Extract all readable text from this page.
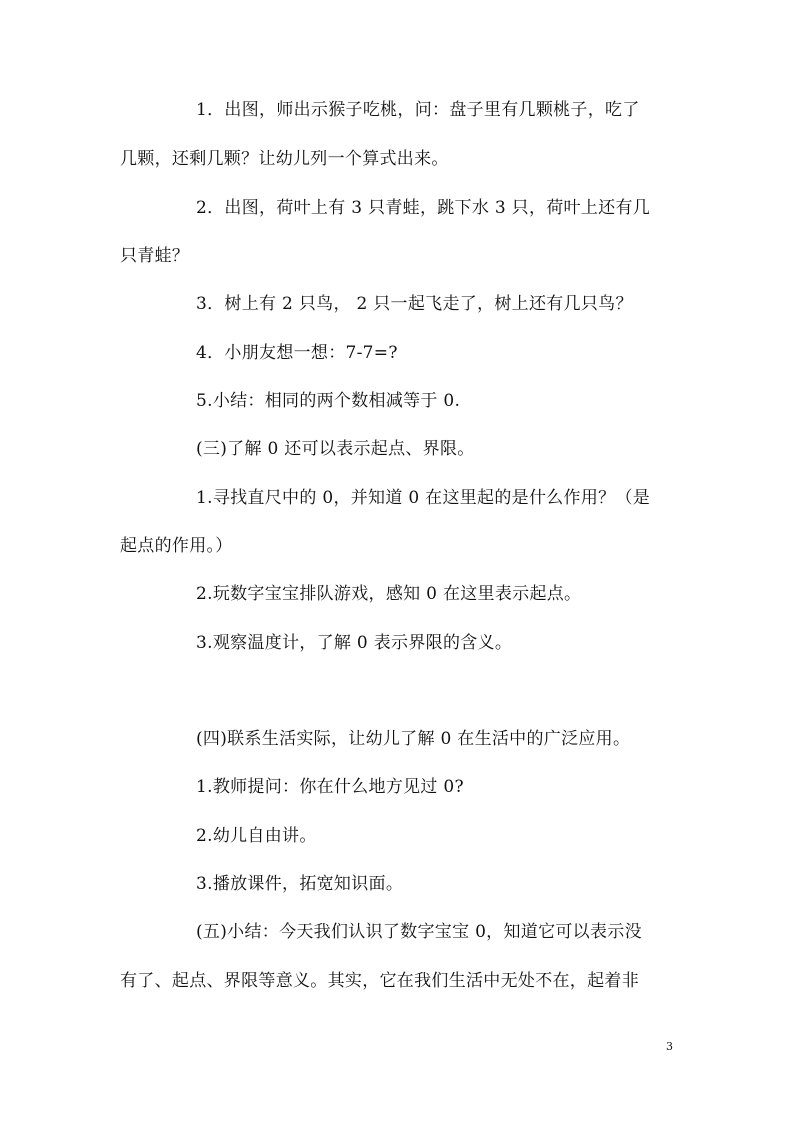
1．出图，师出示猴子吃桃，问：盘子里有几颗桃子，吃了
几颗，还剩几颗？让幼儿列一个算式出来。
2．出图，荷叶上有 3 只青蛙，跳下水 3 只，荷叶上还有几
只青蛙？
3．树上有 2 只鸟， 2 只一起飞走了，树上还有几只鸟？
4．小朋友想一想：7-7=?
5.小结：相同的两个数相减等于 0.
(三)了解 0 还可以表示起点、界限。
1.寻找直尺中的 0，并知道 0 在这里起的是什么作用？（是
起点的作用。）
2.玩数字宝宝排队游戏，感知 0 在这里表示起点。
3.观察温度计，了解 0 表示界限的含义。
(四)联系生活实际，让幼儿了解 0 在生活中的广泛应用。
1.教师提问：你在什么地方见过 0?
2.幼儿自由讲。
3.播放课件，拓宽知识面。
(五)小结：今天我们认识了数字宝宝 0，知道它可以表示没
有了、起点、界限等意义。其实，它在我们生活中无处不在，起着非
3
